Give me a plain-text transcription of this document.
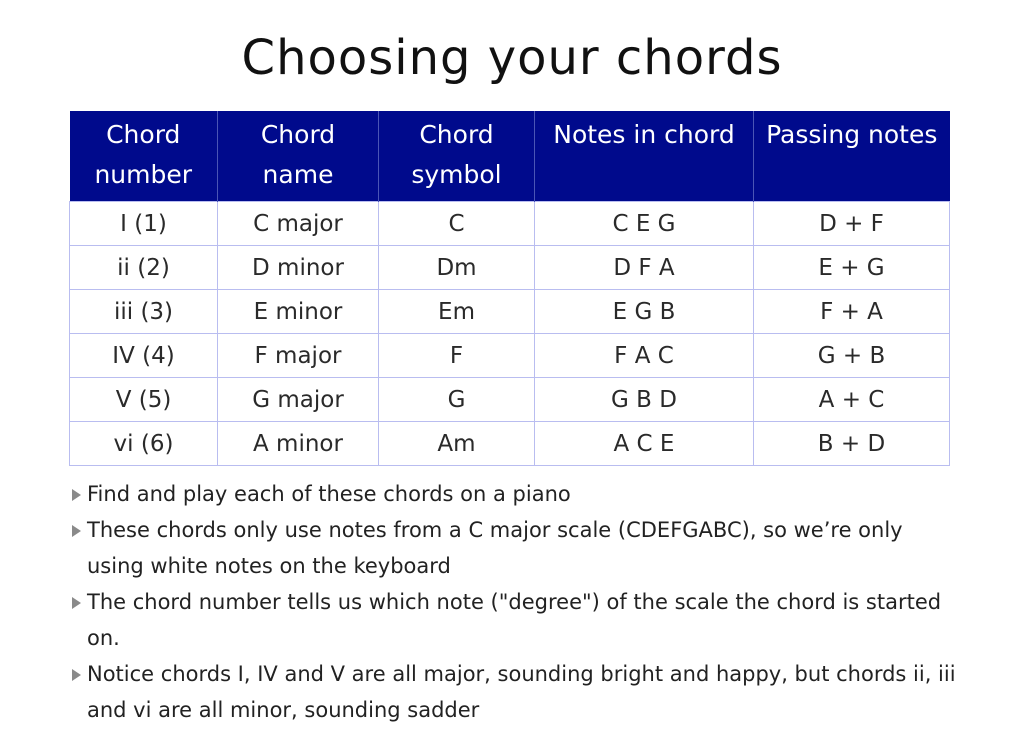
Choosing your chords
Chord number	Chord name	Chord symbol	Notes in chord	Passing notes
I (1)	C major	C	C E G	D + F
ii (2)	D minor	Dm	D F A	E + G
iii (3)	E minor	Em	E G B	F + A
IV (4)	F major	F	F A C	G + B
V (5)	G major	G	G B D	A + C
vi (6)	A minor	Am	A C E	B + D
Find and play each of these chords on a piano
These chords only use notes from a C major scale (CDEFGABC), so we’re only using white notes on the keyboard
The chord number tells us which note ("degree") of the scale the chord is started on.
Notice chords I, IV and V are all major, sounding bright and happy, but chords ii, iii and vi are all minor, sounding sadder
